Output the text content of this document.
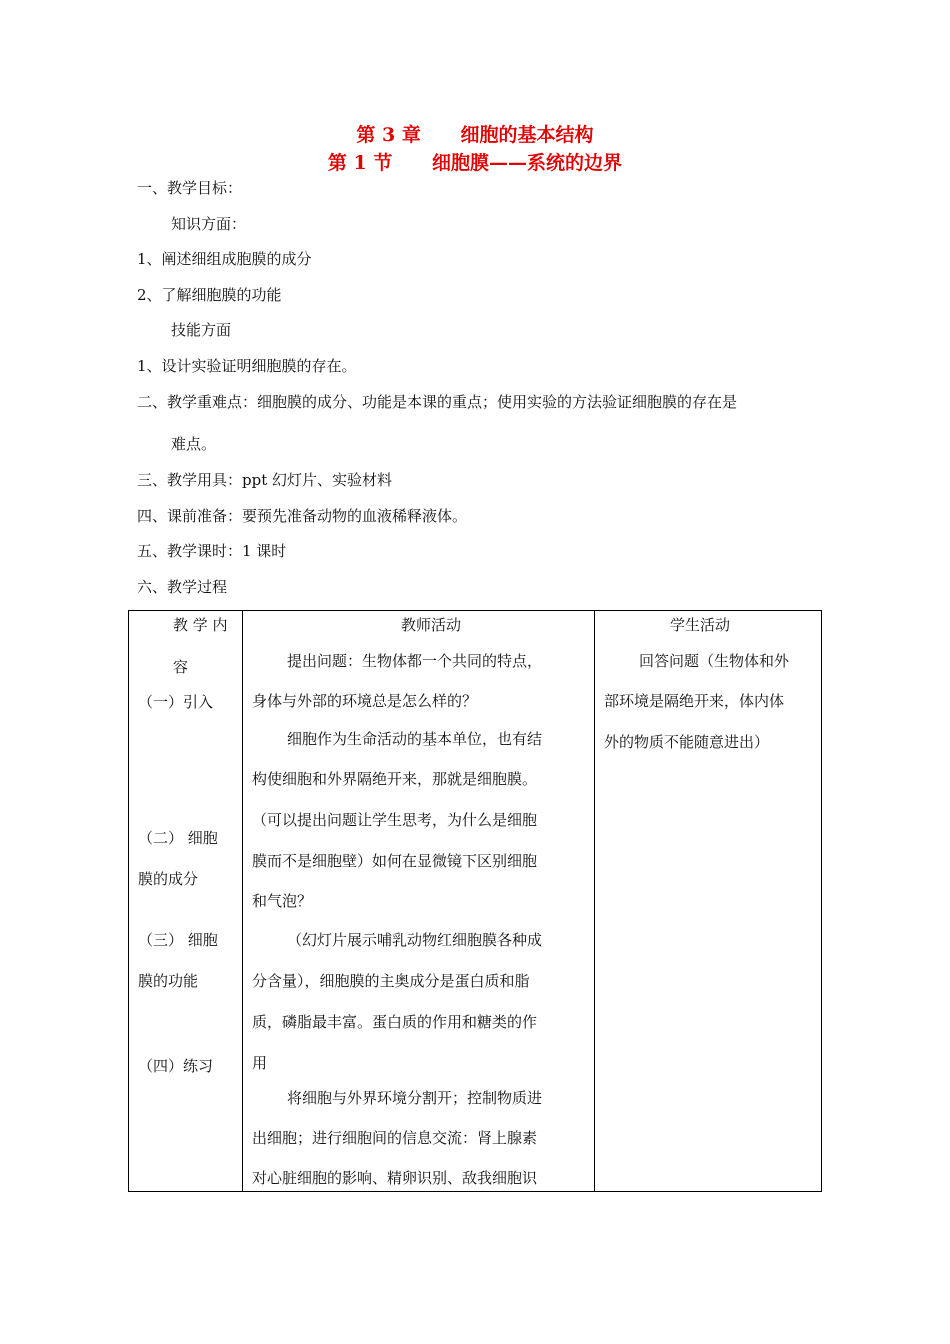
第 3 章      细胞的基本结构
第 1 节      细胞膜——系统的边界
一、教学目标：
知识方面：
1、阐述细组成胞膜的成分
2、了解细胞膜的功能
技能方面
1、设计实验证明细胞膜的存在。
二、教学重难点：细胞膜的成分、功能是本课的重点；使用实验的方法验证细胞膜的存在是
难点。
三、教学用具：ppt 幻灯片、实验材料
四、课前准备：要预先准备动物的血液稀释液体。
五、教学课时：1 课时
六、教学过程
教 学 内
容
（一）引入
（二） 细胞
膜的成分
（三） 细胞
膜的功能
（四）练习
教师活动
提出问题：生物体都一个共同的特点，
身体与外部的环境总是怎么样的？
细胞作为生命活动的基本单位，也有结
构使细胞和外界隔绝开来，那就是细胞膜。
（可以提出问题让学生思考，为什么是细胞
膜而不是细胞壁）如何在显微镜下区别细胞
和气泡？
（幻灯片展示哺乳动物红细胞膜各种成
分含量），细胞膜的主奥成分是蛋白质和脂
质，磷脂最丰富。蛋白质的作用和糖类的作
用
将细胞与外界环境分割开；控制物质进
出细胞；进行细胞间的信息交流：肾上腺素
对心脏细胞的影响、精卵识别、敌我细胞识
学生活动
回答问题（生物体和外
部环境是隔绝开来，体内体
外的物质不能随意进出）
